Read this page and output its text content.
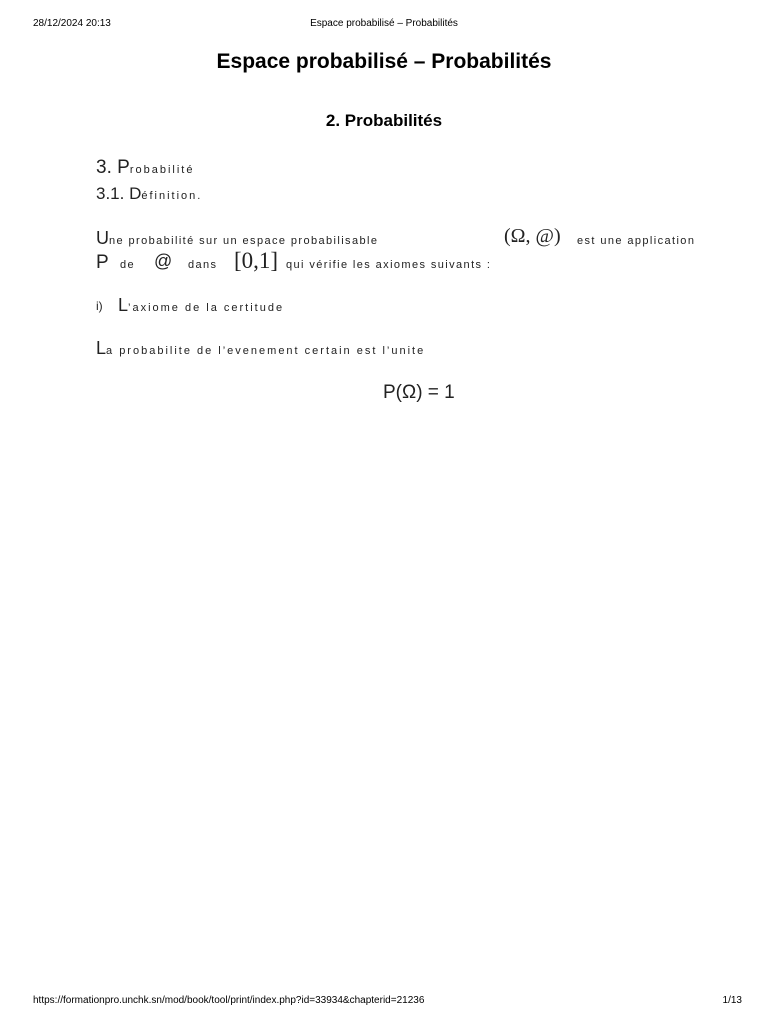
28/12/2024 20:13	Espace probabilisé – Probabilités
Espace probabilisé – Probabilités
2. Probabilités
3. Probabilité
3.1. Définition.
Une probabilité sur un espace probabilisable	(Ω, @) est une application
P de @ dans [0,1] qui vérifie les axiomes suivants :
i) L’axiome de la certitude
La probabilite de l’evenement certain est l’unite
P(Ω) = 1
https://formationpro.unchk.sn/mod/book/tool/print/index.php?id=33934&chapterid=21236	1/13
